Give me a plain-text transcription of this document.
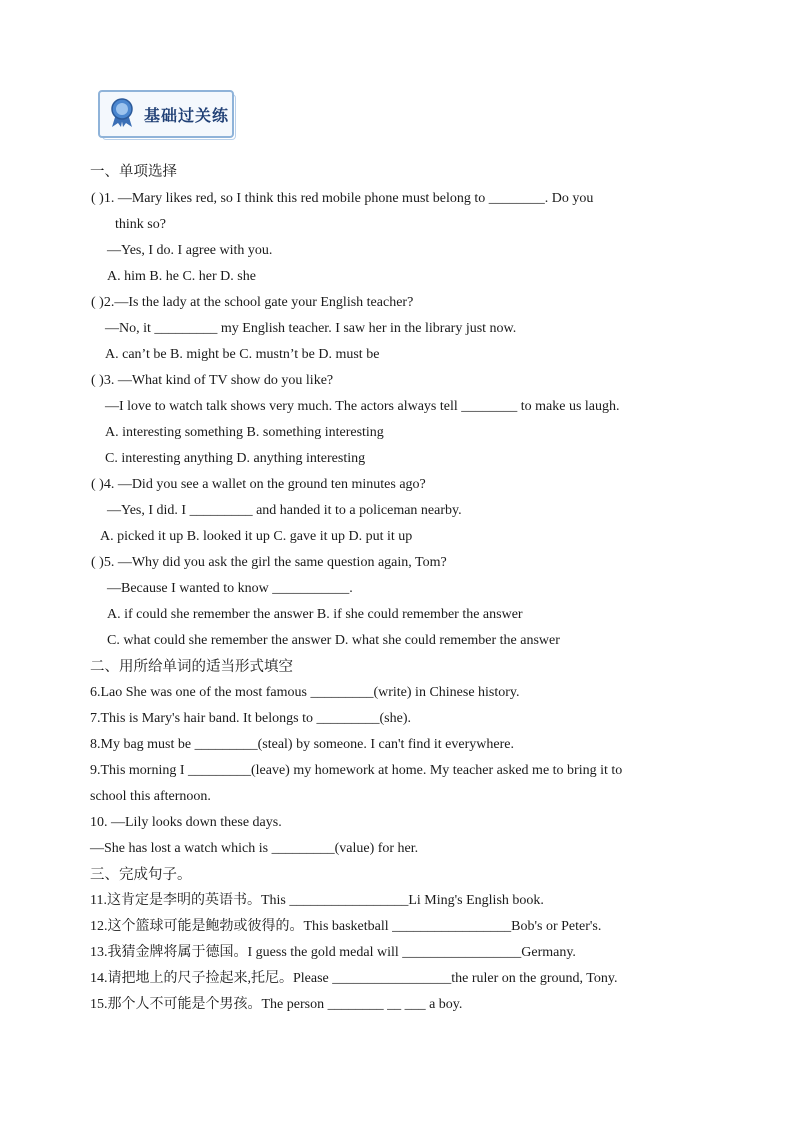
基础过关练
一、单项选择
( )1. —Mary likes red, so I think this red mobile phone must belong to ________. Do you
think so?
—Yes, I do. I agree with you.
A. him B. he C. her D. she
( )2.—Is the lady at the school gate your English teacher?
—No, it _________ my English teacher. I saw her in the library just now.
A. can’t be B. might be C. mustn’t be D. must be
( )3. —What kind of TV show do you like?
—I love to watch talk shows very much. The actors always tell ________ to make us laugh.
A. interesting something B. something interesting
C. interesting anything D. anything interesting
( )4. —Did you see a wallet on the ground ten minutes ago?
—Yes, I did. I _________ and handed it to a policeman nearby.
A. picked it up B. looked it up C. gave it up D. put it up
( )5. —Why did you ask the girl the same question again, Tom?
—Because I wanted to know ___________.
A. if could she remember the answer B. if she could remember the answer
C. what could she remember the answer D. what she could remember the answer
二、用所给单词的适当形式填空
6.Lao She was one of the most famous _________(write) in Chinese history.
7.This is Mary's hair band. It belongs to _________(she).
8.My bag must be _________(steal) by someone. I can't find it everywhere.
9.This morning I _________(leave) my homework at home. My teacher asked me to bring it to
school this afternoon.
10. —Lily looks down these days.
—She has lost a watch which is _________(value) for her.
三、完成句子。
11.这肯定是李明的英语书。This _________________Li Ming's English book.
12.这个篮球可能是鲍勃或彼得的。This basketball _________________Bob's or Peter's.
13.我猜金牌将属于德国。I guess the gold medal will _________________Germany.
14.请把地上的尺子捡起来,托尼。Please _________________the ruler on the ground, Tony.
15.那个人不可能是个男孩。The person ________ __ ___ a boy.
